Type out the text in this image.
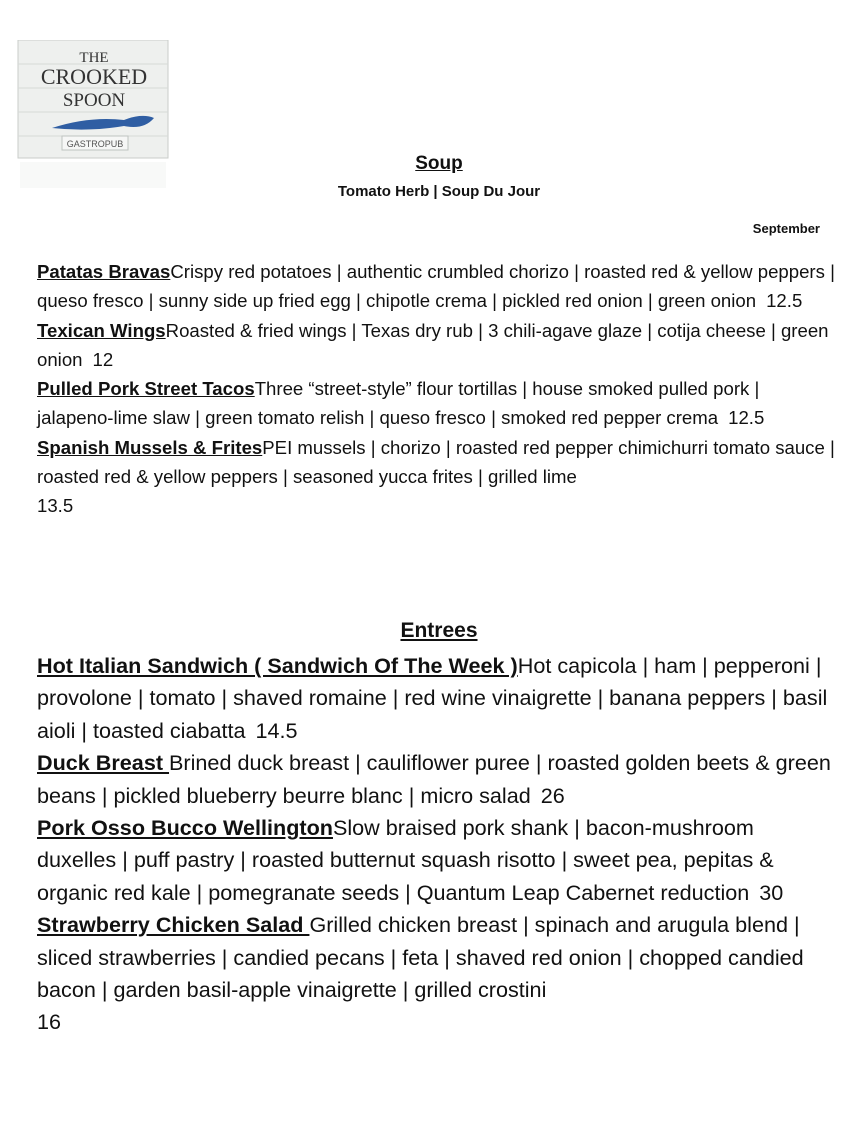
THE
CROOKED
SPOON
GASTROPUB
Soup
Tomato Herb | Soup Du Jour
September

Patatas BravasCrispy red potatoes | authentic crumbled chorizo | roasted red & yellow peppers | queso fresco | sunny side up fried egg | chipotle crema | pickled red onion | green onion 12.5

Texican WingsRoasted & fried wings | Texas dry rub | 3 chili-agave glaze | cotija cheese | green onion 12

Pulled Pork Street TacosThree “street-style” flour tortillas | house smoked pulled pork | jalapeno-lime slaw | green tomato relish | queso fresco | smoked red pepper crema 12.5

Spanish Mussels & FritesPEI mussels | chorizo | roasted red pepper chimichurri tomato sauce | roasted red & yellow peppers | seasoned yucca frites | grilled lime
13.5

Entrees

Hot Italian Sandwich ( Sandwich Of The Week )Hot capicola | ham | pepperoni | provolone | tomato | shaved romaine | red wine vinaigrette | banana peppers | basil aioli | toasted ciabatta 14.5

Duck Breast Brined duck breast | cauliflower puree | roasted golden beets & green beans | pickled blueberry beurre blanc | micro salad 26

Pork Osso Bucco WellingtonSlow braised pork shank | bacon-mushroom duxelles | puff pastry | roasted butternut squash risotto | sweet pea, pepitas & organic red kale | pomegranate seeds | Quantum Leap Cabernet reduction 30

Strawberry Chicken Salad Grilled chicken breast | spinach and arugula blend | sliced strawberries | candied pecans | feta | shaved red onion | chopped candied bacon | garden basil-apple vinaigrette | grilled crostini
16
